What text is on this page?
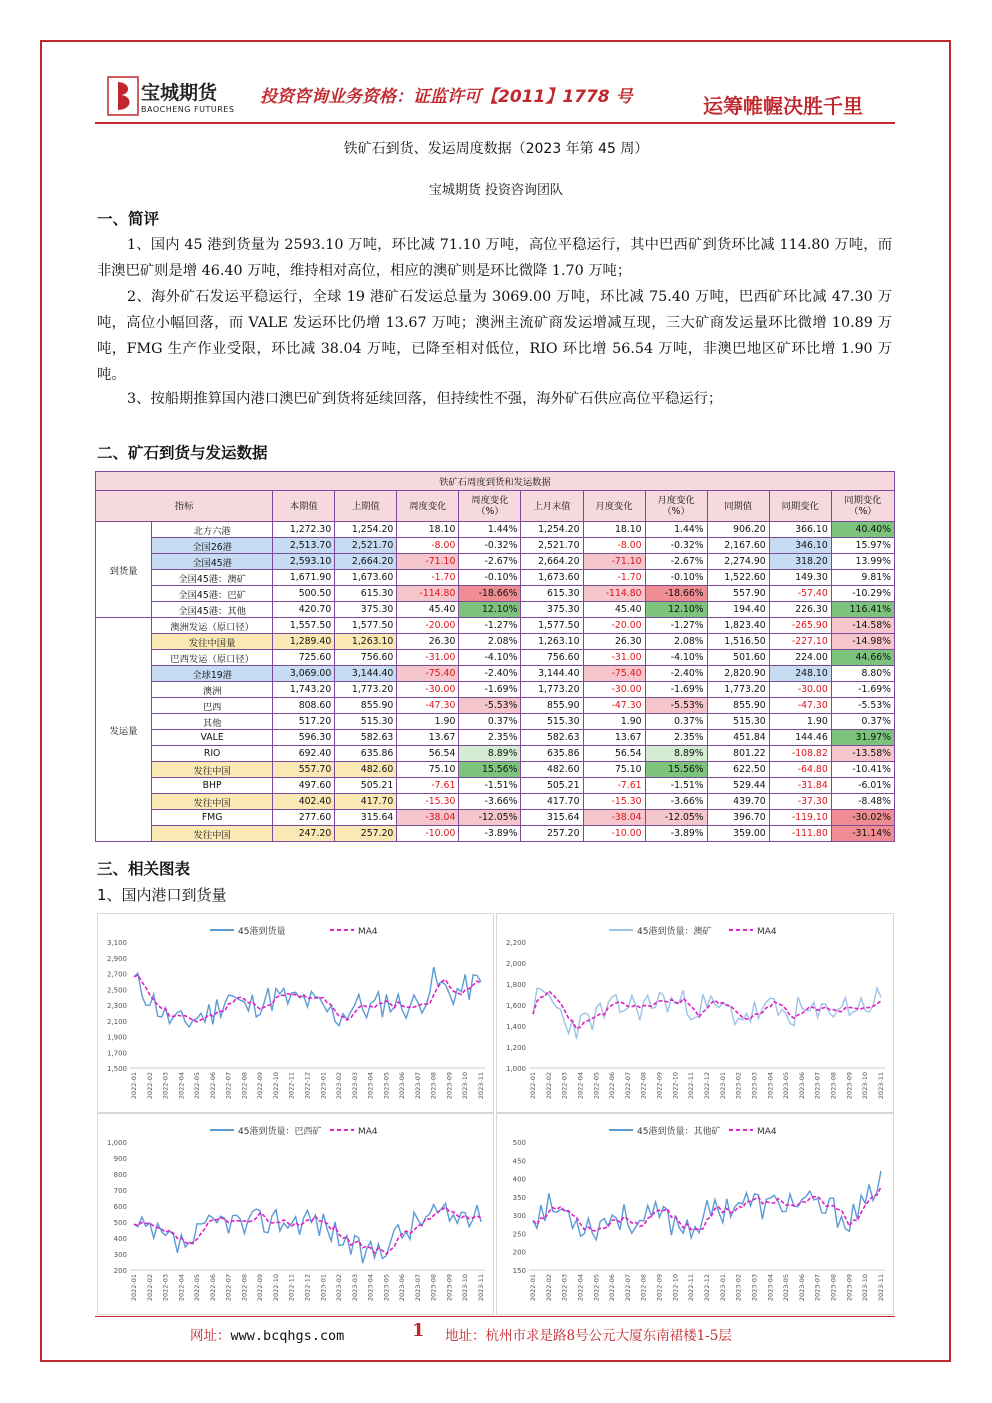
宝城期货
BAOCHENG FUTURES
投资咨询业务资格：证监许可【2011】1778 号	运筹帷幄决胜千里
铁矿石到货、发运周度数据（2023 年第 45 周）
宝城期货 投资咨询团队
一、简评
1、国内 45 港到货量为 2593.10 万吨，环比减 71.10 万吨，高位平稳运行，其中巴西矿到货环比减 114.80 万吨，而非澳巴矿则是增 46.40 万吨，维持相对高位，相应的澳矿则是环比微降 1.70 万吨；
2、海外矿石发运平稳运行，全球 19 港矿石发运总量为 3069.00 万吨，环比减 75.40 万吨，巴西矿环比减 47.30 万吨，高位小幅回落，而 VALE 发运环比仍增 13.67 万吨；澳洲主流矿商发运增减互现，三大矿商发运量环比微增 10.89 万吨，FMG 生产作业受限，环比减 38.04 万吨，已降至相对低位，RIO 环比增 56.54 万吨，非澳巴地区矿环比增 1.90 万吨。
3、按船期推算国内港口澳巴矿到货将延续回落，但持续性不强，海外矿石供应高位平稳运行；
二、矿石到货与发运数据
铁矿石周度到货和发运数据											
指标		本期值	上期值	周度变化	周度变化（%）	上月末值	月度变化	月度变化（%）	同期值	同期变化	同期变化（%）
到货量	北方六港	1,272.30	1,254.20	18.10	1.44%	1,254.20	18.10	1.44%	906.20	366.10	40.40%
	全国26港	2,513.70	2,521.70	-8.00	-0.32%	2,521.70	-8.00	-0.32%	2,167.60	346.10	15.97%
	全国45港	2,593.10	2,664.20	-71.10	-2.67%	2,664.20	-71.10	-2.67%	2,274.90	318.20	13.99%
	全国45港：澳矿	1,671.90	1,673.60	-1.70	-0.10%	1,673.60	-1.70	-0.10%	1,522.60	149.30	9.81%
	全国45港：巴矿	500.50	615.30	-114.80	-18.66%	615.30	-114.80	-18.66%	557.90	-57.40	-10.29%
	全国45港：其他	420.70	375.30	45.40	12.10%	375.30	45.40	12.10%	194.40	226.30	116.41%
发运量	澳洲发运（原口径）	1,557.50	1,577.50	-20.00	-1.27%	1,577.50	-20.00	-1.27%	1,823.40	-265.90	-14.58%
	发往中国量	1,289.40	1,263.10	26.30	2.08%	1,263.10	26.30	2.08%	1,516.50	-227.10	-14.98%
	巴西发运（原口径）	725.60	756.60	-31.00	-4.10%	756.60	-31.00	-4.10%	501.60	224.00	44.66%
	全球19港	3,069.00	3,144.40	-75.40	-2.40%	3,144.40	-75.40	-2.40%	2,820.90	248.10	8.80%
	澳洲	1,743.20	1,773.20	-30.00	-1.69%	1,773.20	-30.00	-1.69%	1,773.20	-30.00	-1.69%
	巴西	808.60	855.90	-47.30	-5.53%	855.90	-47.30	-5.53%	855.90	-47.30	-5.53%
	其他	517.20	515.30	1.90	0.37%	515.30	1.90	0.37%	515.30	1.90	0.37%
	VALE	596.30	582.63	13.67	2.35%	582.63	13.67	2.35%	451.84	144.46	31.97%
	RIO	692.40	635.86	56.54	8.89%	635.86	56.54	8.89%	801.22	-108.82	-13.58%
	发往中国	557.70	482.60	75.10	15.56%	482.60	75.10	15.56%	622.50	-64.80	-10.41%
	BHP	497.60	505.21	-7.61	-1.51%	505.21	-7.61	-1.51%	529.44	-31.84	-6.01%
	发往中国	402.40	417.70	-15.30	-3.66%	417.70	-15.30	-3.66%	439.70	-37.30	-8.48%
	FMG	277.60	315.64	-38.04	-12.05%	315.64	-38.04	-12.05%	396.70	-119.10	-30.02%
	发往中国	247.20	257.20	-10.00	-3.89%	257.20	-10.00	-3.89%	359.00	-111.80	-31.14%
三、相关图表
1、国内港口到货量
45港到货量	MA4
1,500
1,700
1,900
2,100
2,300
2,500
2,700
2,900
3,100
2022-01 2022-02 2022-03 2022-04 2022-05 2022-06 2022-07 2022-08 2022-09 2022-10 2022-11 2022-12 2023-01 2023-02 2023-03 2023-04 2023-05 2023-06 2023-07 2023-08 2023-09 2023-10 2023-11
45港到货量：澳矿	MA4
1,000
1,200
1,400
1,600
1,800
2,000
2,200
2022-01 2022-02 2022-03 2022-04 2022-05 2022-06 2022-07 2022-08 2022-09 2022-10 2022-11 2022-12 2023-01 2023-02 2023-03 2023-04 2023-05 2023-06 2023-07 2023-08 2023-09 2023-10 2023-11
45港到货量：巴西矿	MA4
200
300
400
500
600
700
800
900
1,000
2022-01 2022-02 2022-03 2022-04 2022-05 2022-06 2022-07 2022-08 2022-09 2022-10 2022-11 2022-12 2023-01 2023-02 2023-03 2023-04 2023-05 2023-06 2023-07 2023-08 2023-09 2023-10 2023-11
45港到货量：其他矿	MA4
150
200
250
300
350
400
450
500
2022-01 2022-02 2022-03 2022-04 2022-05 2022-06 2022-07 2022-08 2022-09 2022-10 2022-11 2022-12 2023-01 2023-02 2023-03 2023-04 2023-05 2023-06 2023-07 2023-08 2023-09 2023-10 2023-11
网址：www.bcqhgs.com	1 地址：杭州市求是路8号公元大厦东南裙楼1-5层
